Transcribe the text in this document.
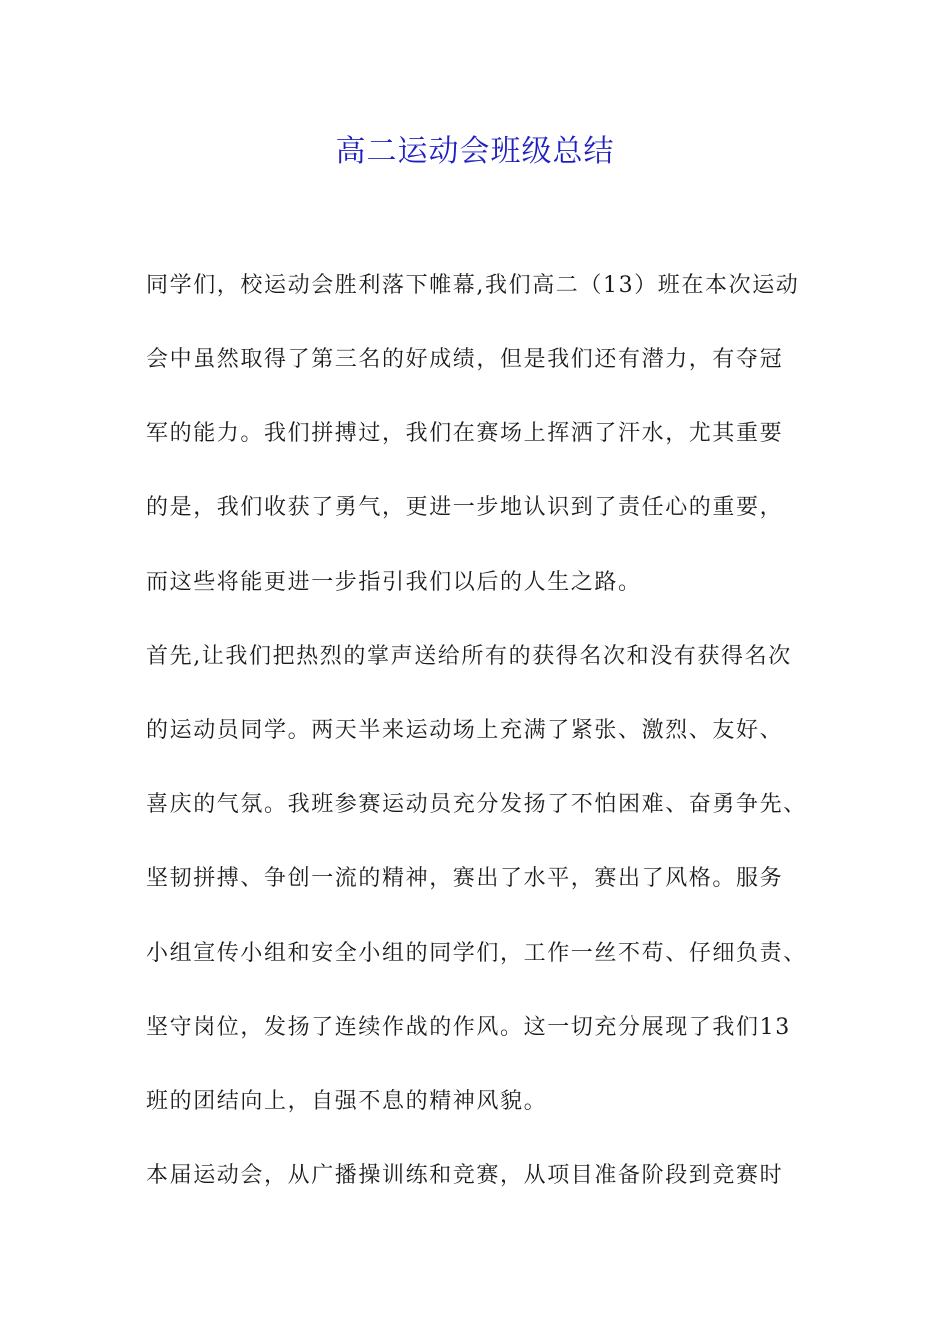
高二运动会班级总结
同学们，校运动会胜利落下帷幕,我们高二（13）班在本次运动
会中虽然取得了第三名的好成绩，但是我们还有潜力，有夺冠
军的能力。我们拼搏过，我们在赛场上挥洒了汗水，尤其重要
的是，我们收获了勇气，更进一步地认识到了责任心的重要，
而这些将能更进一步指引我们以后的人生之路。
首先,让我们把热烈的掌声送给所有的获得名次和没有获得名次
的运动员同学。两天半来运动场上充满了紧张、激烈、友好、
喜庆的气氛。我班参赛运动员充分发扬了不怕困难、奋勇争先、
坚韧拼搏、争创一流的精神，赛出了水平，赛出了风格。服务
小组宣传小组和安全小组的同学们，工作一丝不苟、仔细负责、
坚守岗位，发扬了连续作战的作风。这一切充分展现了我们13
班的团结向上，自强不息的精神风貌。
本届运动会，从广播操训练和竞赛，从项目准备阶段到竞赛时
